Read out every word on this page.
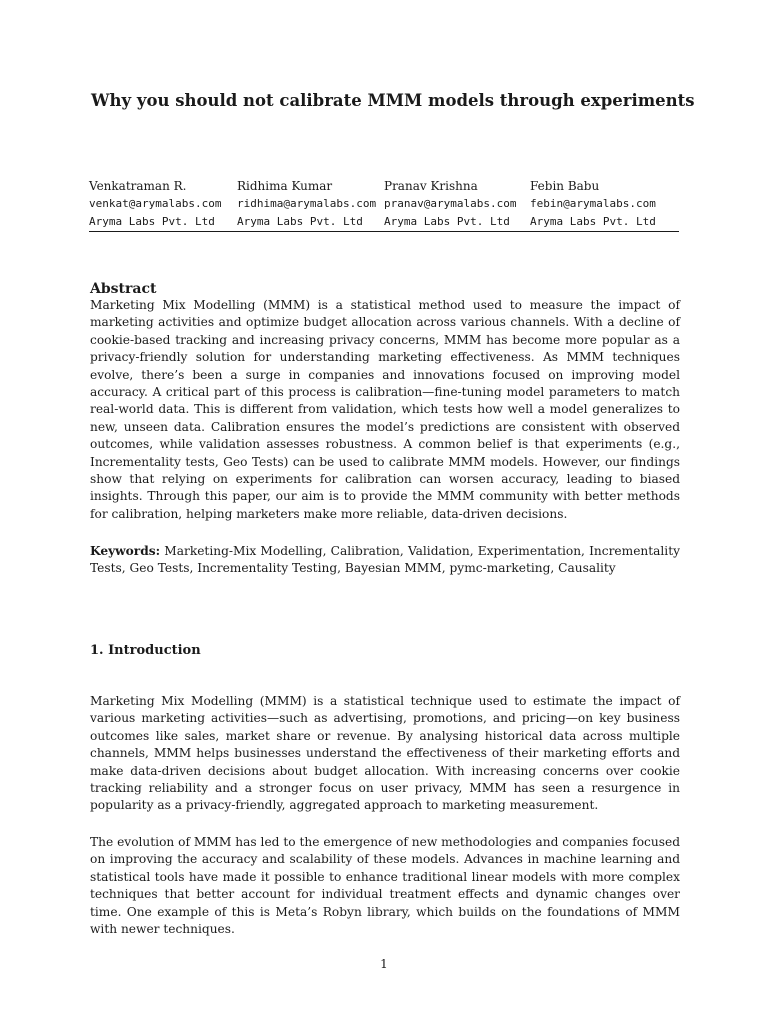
Why you should not calibrate MMM models through experiments
Venkatraman R.
venkat@arymalabs.com
Aryma Labs Pvt. Ltd
Ridhima Kumar
ridhima@arymalabs.com
Aryma Labs Pvt. Ltd
Pranav Krishna
pranav@arymalabs.com
Aryma Labs Pvt. Ltd
Febin Babu
febin@arymalabs.com
Aryma Labs Pvt. Ltd
Abstract
Marketing Mix Modelling (MMM) is a statistical method used to measure the impact of marketing activities and optimize budget allocation across various channels. With a decline of cookie-based tracking and increasing privacy concerns, MMM has become more popular as a privacy-friendly solution for understanding marketing effectiveness. As MMM techniques evolve, there’s been a surge in companies and innovations focused on improving model accuracy. A critical part of this process is calibration—fine-tuning model parameters to match real-world data. This is different from validation, which tests how well a model generalizes to new, unseen data. Calibration ensures the model’s predictions are consistent with observed outcomes, while validation assesses robustness. A common belief is that experiments (e.g., Incrementality tests, Geo Tests) can be used to calibrate MMM models. However, our findings show that relying on experiments for calibration can worsen accuracy, leading to biased insights. Through this paper, our aim is to provide the MMM community with better methods for calibration, helping marketers make more reliable, data-driven decisions.
Keywords: Marketing-Mix Modelling, Calibration, Validation, Experimentation, Incrementality Tests, Geo Tests, Incrementality Testing, Bayesian MMM, pymc-marketing, Causality
1. Introduction
Marketing Mix Modelling (MMM) is a statistical technique used to estimate the impact of various marketing activities—such as advertising, promotions, and pricing—on key business outcomes like sales, market share or revenue. By analysing historical data across multiple channels, MMM helps businesses understand the effectiveness of their marketing efforts and make data-driven decisions about budget allocation. With increasing concerns over cookie tracking reliability and a stronger focus on user privacy, MMM has seen a resurgence in popularity as a privacy-friendly, aggregated approach to marketing measurement.
The evolution of MMM has led to the emergence of new methodologies and companies focused on improving the accuracy and scalability of these models. Advances in machine learning and statistical tools have made it possible to enhance traditional linear models with more complex techniques that better account for individual treatment effects and dynamic changes over time. One example of this is Meta’s Robyn library, which builds on the foundations of MMM with newer techniques.
1
